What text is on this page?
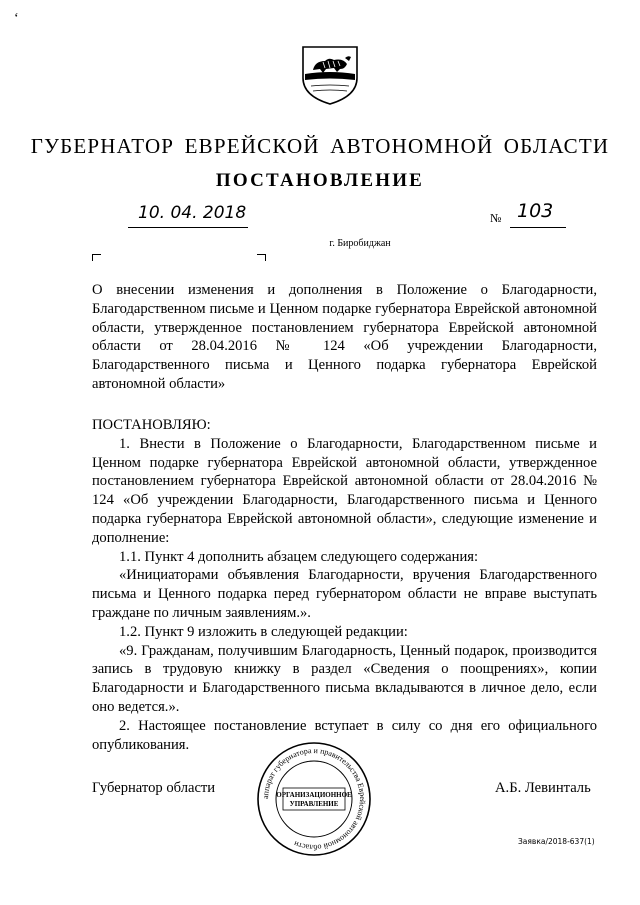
‘
ГУБЕРНАТОР ЕВРЕЙСКОЙ АВТОНОМНОЙ ОБЛАСТИ
ПОСТАНОВЛЕНИЕ
10. 04. 2018	№ 103
г. Биробиджан
О внесении изменения и дополнения в Положение о Благодарности, Благодарственном письме и Ценном подарке губернатора Еврейской автономной области, утвержденное постановлением губернатора Еврейской автономной области от 28.04.2016 № 124 «Об учреждении Благодарности, Благодарственного письма и Ценного подарка губернатора Еврейской автономной области»

ПОСТАНОВЛЯЮ:

1. Внести в Положение о Благодарности, Благодарственном письме и Ценном подарке губернатора Еврейской автономной области, утвержденное постановлением губернатора Еврейской автономной области от 28.04.2016 № 124 «Об учреждении Благодарности, Благодарственного письма и Ценного подарка губернатора Еврейской автономной области», следующие изменение и дополнение:

1.1. Пункт 4 дополнить абзацем следующего содержания:

«Инициаторами объявления Благодарности, вручения Благодарственного письма и Ценного подарка перед губернатором области не вправе выступать граждане по личным заявлениям.».

1.2. Пункт 9 изложить в следующей редакции:

«9. Гражданам, получившим Благодарность, Ценный подарок, производится запись в трудовую книжку в раздел «Сведения о поощрениях», копии Благодарности и Благодарственного письма вкладываются в личное дело, если оно ведется.».

2. Настоящее постановление вступает в силу со дня его официального опубликования.

Губернатор области	А.Б. Левинталь
аппарат губернатора и правительства Еврейской автономной области
ОРГАНИЗАЦИОННОЕ
УПРАВЛЕНИЕ
Заявка/2018-637(1)
